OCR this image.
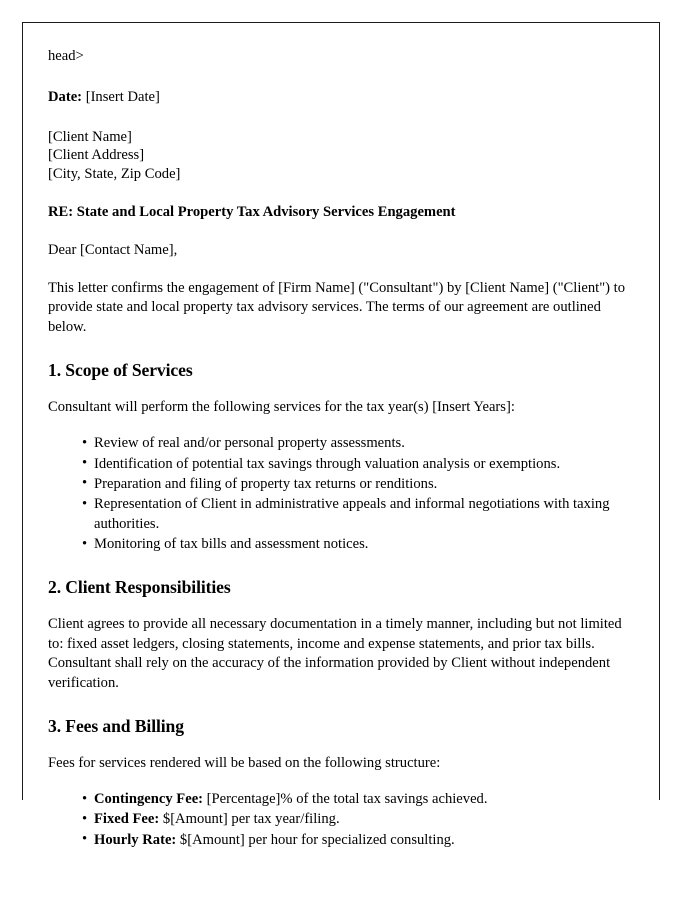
head>
Date: [Insert Date]
[Client Name]
[Client Address]
[City, State, Zip Code]
RE: State and Local Property Tax Advisory Services Engagement
Dear [Contact Name],

This letter confirms the engagement of [Firm Name] ("Consultant") by [Client Name] ("Client") to provide state and local property tax advisory services. The terms of our agreement are outlined below.

1. Scope of Services

Consultant will perform the following services for the tax year(s) [Insert Years]:

• Review of real and/or personal property assessments.
• Identification of potential tax savings through valuation analysis or exemptions.
• Preparation and filing of property tax returns or renditions.
• Representation of Client in administrative appeals and informal negotiations with taxing authorities.
• Monitoring of tax bills and assessment notices.
2. Client Responsibilities

Client agrees to provide all necessary documentation in a timely manner, including but not limited to: fixed asset ledgers, closing statements, income and expense statements, and prior tax bills. Consultant shall rely on the accuracy of the information provided by Client without independent verification.

3. Fees and Billing

Fees for services rendered will be based on the following structure:

• Contingency Fee: [Percentage]% of the total tax savings achieved.
• Fixed Fee: $[Amount] per tax year/filing.
• Hourly Rate: $[Amount] per hour for specialized consulting.
